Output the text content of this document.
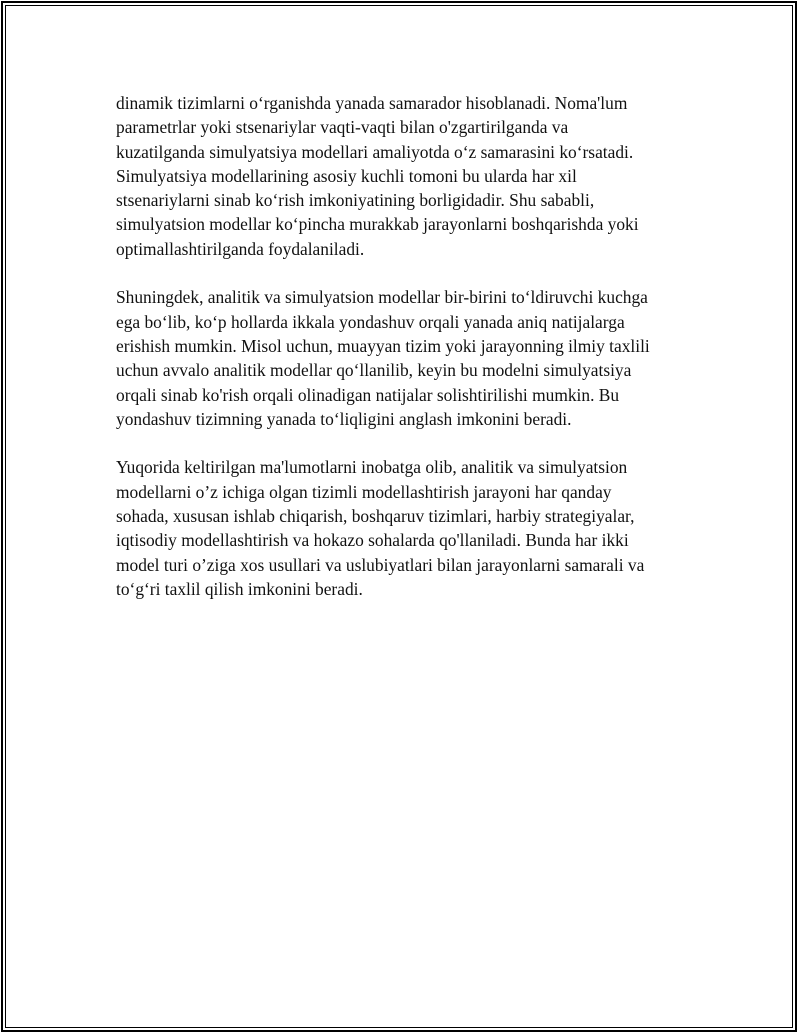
dinamik tizimlarni o‘rganishda yanada samarador hisoblanadi. Noma'lum
parametrlar yoki stsenariylar vaqti-vaqti bilan o'zgartirilganda va
kuzatilganda simulyatsiya modellari amaliyotda o‘z samarasini ko‘rsatadi.
Simulyatsiya modellarining asosiy kuchli tomoni bu ularda har xil
stsenariylarni sinab ko‘rish imkoniyatining borligidadir. Shu sababli,
simulyatsion modellar ko‘pincha murakkab jarayonlarni boshqarishda yoki
optimallashtirilganda foydalaniladi.

Shuningdek, analitik va simulyatsion modellar bir-birini to‘ldiruvchi kuchga
ega bo‘lib, ko‘p hollarda ikkala yondashuv orqali yanada aniq natijalarga
erishish mumkin. Misol uchun, muayyan tizim yoki jarayonning ilmiy taxlili
uchun avvalo analitik modellar qo‘llanilib, keyin bu modelni simulyatsiya
orqali sinab ko'rish orqali olinadigan natijalar solishtirilishi mumkin. Bu
yondashuv tizimning yanada to‘liqligini anglash imkonini beradi.

Yuqorida keltirilgan ma'lumotlarni inobatga olib, analitik va simulyatsion
modellarni o’z ichiga olgan tizimli modellashtirish jarayoni har qanday
sohada, xususan ishlab chiqarish, boshqaruv tizimlari, harbiy strategiyalar,
iqtisodiy modellashtirish va hokazo sohalarda qo'llaniladi. Bunda har ikki
model turi o’ziga xos usullari va uslubiyatlari bilan jarayonlarni samarali va
to‘g‘ri taxlil qilish imkonini beradi.
